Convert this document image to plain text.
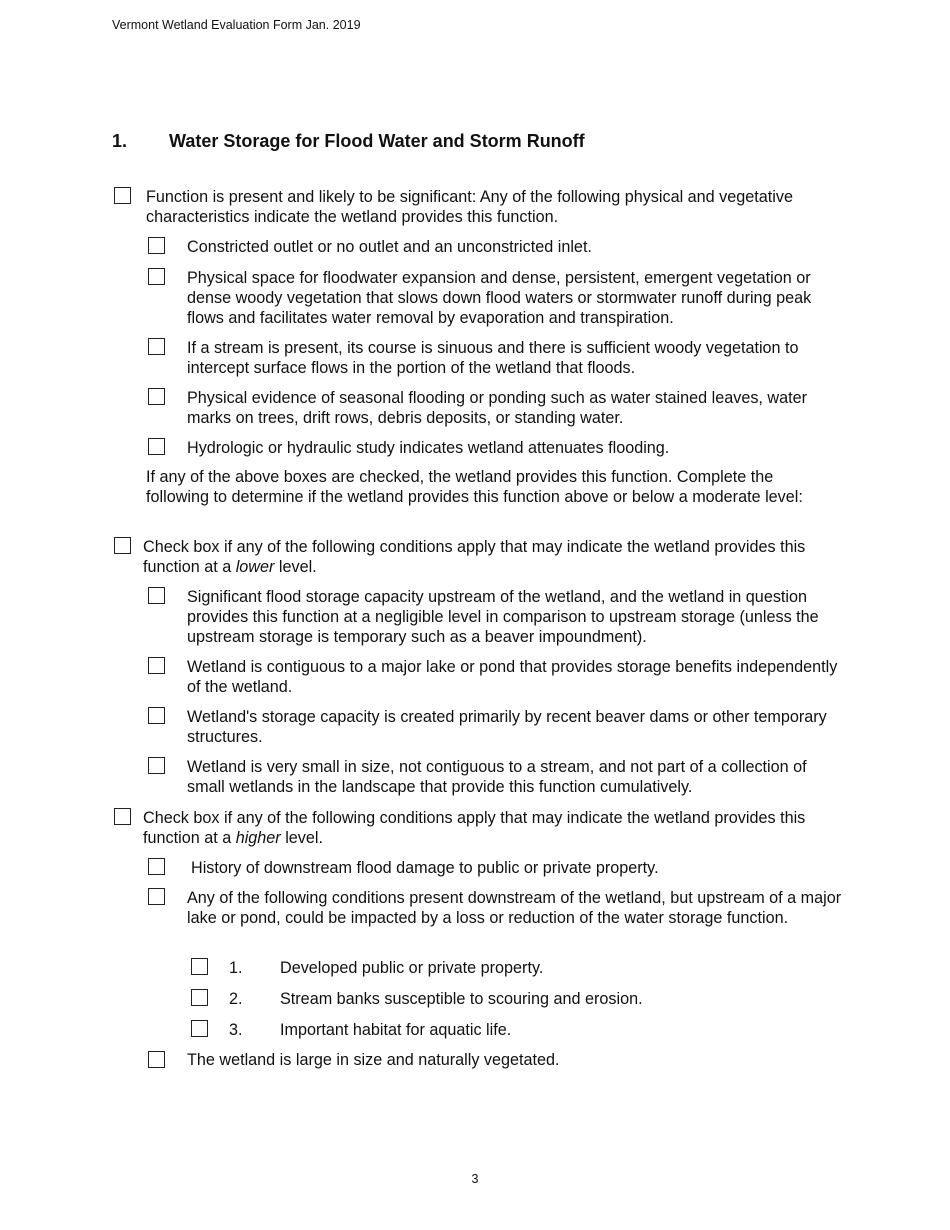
Vermont Wetland Evaluation Form Jan. 2019
1. Water Storage for Flood Water and Storm Runoff
Function is present and likely to be significant: Any of the following physical and vegetative characteristics indicate the wetland provides this function.
Constricted outlet or no outlet and an unconstricted inlet.
Physical space for floodwater expansion and dense, persistent, emergent vegetation or dense woody vegetation that slows down flood waters or stormwater runoff during peak flows and facilitates water removal by evaporation and transpiration.
If a stream is present, its course is sinuous and there is sufficient woody vegetation to intercept surface flows in the portion of the wetland that floods.
Physical evidence of seasonal flooding or ponding such as water stained leaves, water marks on trees, drift rows, debris deposits, or standing water.
Hydrologic or hydraulic study indicates wetland attenuates flooding.
If any of the above boxes are checked, the wetland provides this function. Complete the following to determine if the wetland provides this function above or below a moderate level:
Check box if any of the following conditions apply that may indicate the wetland provides this function at a lower level.
Significant flood storage capacity upstream of the wetland, and the wetland in question provides this function at a negligible level in comparison to upstream storage (unless the upstream storage is temporary such as a beaver impoundment).
Wetland is contiguous to a major lake or pond that provides storage benefits independently of the wetland.
Wetland's storage capacity is created primarily by recent beaver dams or other temporary structures.
Wetland is very small in size, not contiguous to a stream, and not part of a collection of small wetlands in the landscape that provide this function cumulatively.
Check box if any of the following conditions apply that may indicate the wetland provides this function at a higher level.
History of downstream flood damage to public or private property.
Any of the following conditions present downstream of the wetland, but upstream of a major lake or pond, could be impacted by a loss or reduction of the water storage function.
1. Developed public or private property.
2. Stream banks susceptible to scouring and erosion.
3. Important habitat for aquatic life.
The wetland is large in size and naturally vegetated.
3
